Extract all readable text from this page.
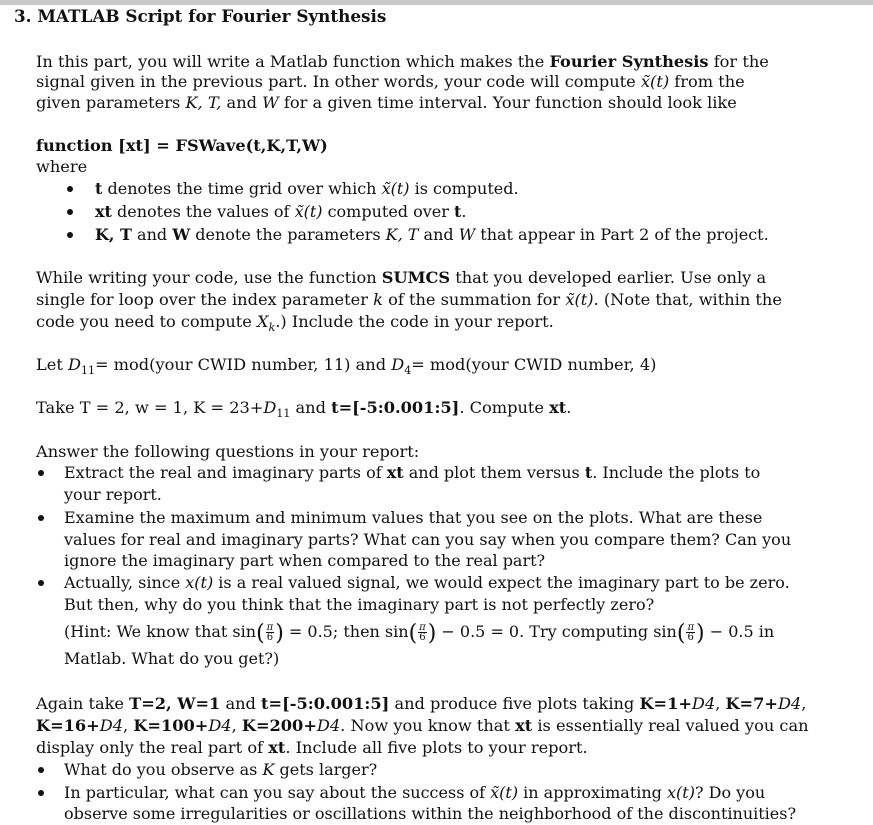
3. MATLAB Script for Fourier Synthesis
In this part, you will write a Matlab function which makes the Fourier Synthesis for the
signal given in the previous part. In other words, your code will compute x̃(t) from the
given parameters K, T, and W for a given time interval. Your function should look like
function [xt] = FSWave(t,K,T,W)
where
t denotes the time grid over which x̃(t) is computed.
xt denotes the values of x̃(t) computed over t.
K, T and W denote the parameters K, T and W that appear in Part 2 of the project.
While writing your code, use the function SUMCS that you developed earlier. Use only a
single for loop over the index parameter k of the summation for x̃(t). (Note that, within the
code you need to compute $X_k$.) Include the code in your report.
Let $D_{11}=$ mod(your CWID number, 11) and $D_4=$ mod(your CWID number, 4)
Take T = 2, w = 1, $K = 23+D_{11}$ and t=[-5:0.001:5]. Compute xt.
Answer the following questions in your report:
Extract the real and imaginary parts of xt and plot them versus t. Include the plots to
your report.
Examine the maximum and minimum values that you see on the plots. What are these
values for real and imaginary parts? What can you say when you compare them? Can you
ignore the imaginary part when compared to the real part?
Actually, since x(t) is a real valued signal, we would expect the imaginary part to be zero.
But then, why do you think that the imaginary part is not perfectly zero?
(Hint: We know that $\sin( \frac{\pi}{6}$ ) = 0.5; then $\sin( \frac{\pi}{6}$ ) − 0.5 = 0. Try computing $\sin( \frac{\pi}{6}$ ) − 0.5 in
Matlab. What do you get?)
Again take T=2, W=1 and t=[-5:0.001:5] and produce five plots taking K=1+D4, K=7+D4,
K=16+D4, K=100+D4, K=200+D4. Now you know that xt is essentially real valued you can
display only the real part of xt. Include all five plots to your report.
What do you observe as K gets larger?
In particular, what can you say about the success of x̃(t) in approximating x(t)? Do you
observe some irregularities or oscillations within the neighborhood of the discontinuities?
